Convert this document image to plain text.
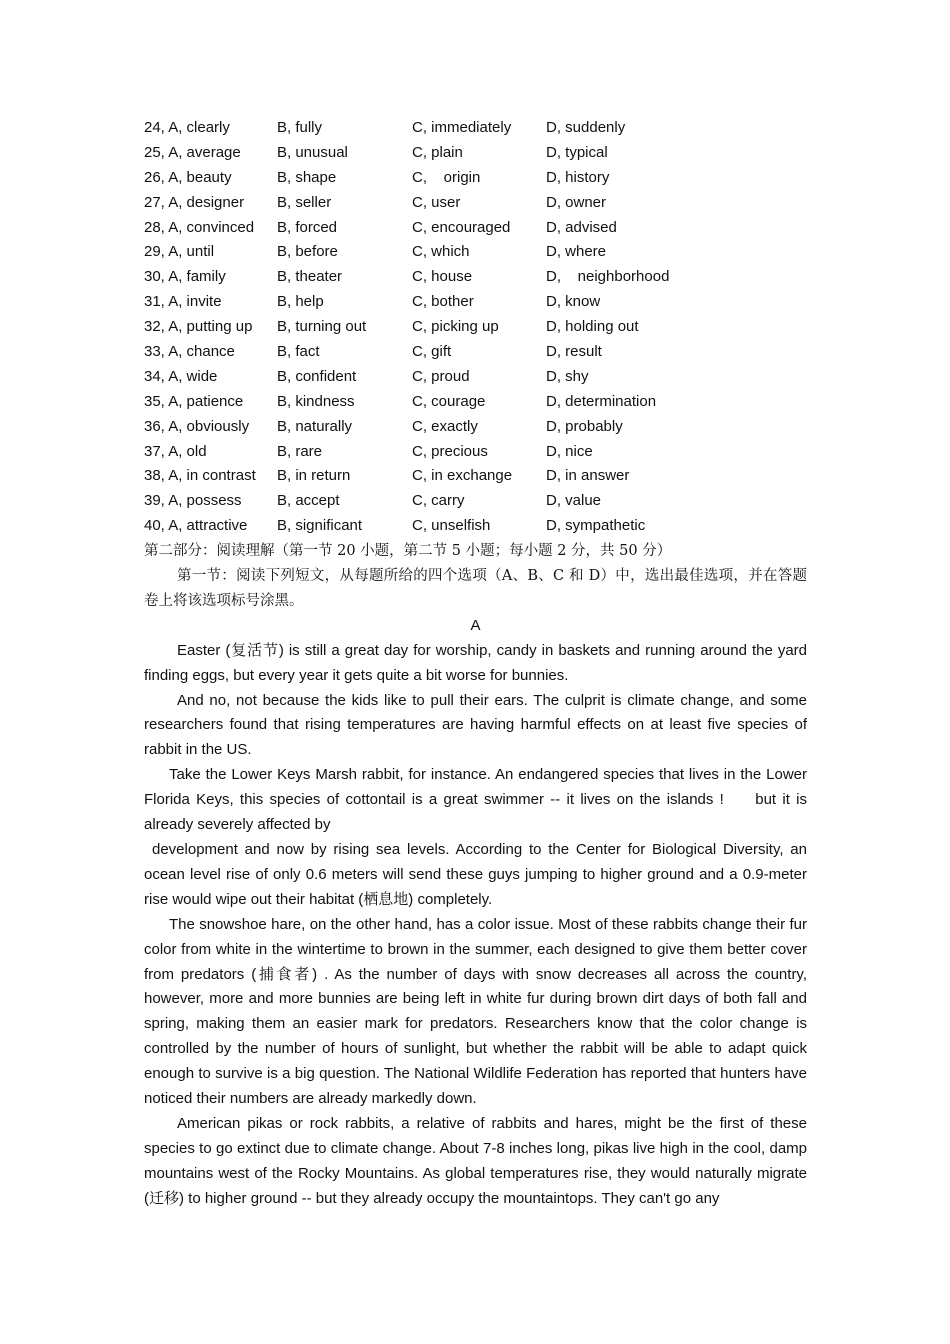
24, A, clearly	B, fully	C, immediately D, suddenly
25, A, average B, unusual	C, plain	D, typical
26, A, beauty	B, shape	C,    origin	D, history
27, A, designer B, seller	C, user	D, owner
28, A, convinced B, forced	C, encouraged D, advised
29, A, until	B, before	C, which	D, where
30, A, family	B, theater	C, house	D,    neighborhood
31, A, invite	B, help	C, bother	D, know
32, A, putting up B, turning out	C, picking up	D, holding out
33, A, chance	B, fact	C, gift	D, result
34, A, wide	B, confident	C, proud	D, shy
35, A, patience B, kindness	C, courage	D, determination
36, A, obviously B, naturally	C, exactly	D, probably
37, A, old	B, rare	C, precious	D, nice
38, A, in contrast B, in return	C, in exchange D, in answer
39, A, possess B, accept	C, carry	D, value
40, A, attractive B, significant	C, unselfish	D, sympathetic

第二部分：阅读理解（第一节 20 小题，第二节 5 小题；每小题 2 分，共 50 分）

第一节：阅读下列短文，从每题所给的四个选项（A、B、C 和 D）中，选出最佳选项，并在答题卷上将该选项标号涂黑。

A

Easter (复活节) is still a great day for worship, candy in baskets and running around the yard finding eggs, but every year it gets quite a bit worse for bunnies.

And no, not because the kids like to pull their ears. The culprit is climate change, and some researchers found that rising temperatures are having harmful effects on at least five species of rabbit in the US.

Take the Lower Keys Marsh rabbit, for instance. An endangered species that lives in the Lower Florida Keys, this species of cottontail is a great swimmer -- it lives on the islands !     but it is already severely affected by

development and now by rising sea levels. According to the Center for Biological Diversity, an ocean level rise of only 0.6 meters will send these guys jumping to higher ground and a 0.9-meter rise would wipe out their habitat (栖息地) completely.

The snowshoe hare, on the other hand, has a color issue. Most of these rabbits change their fur color from white in the wintertime to brown in the summer, each designed to give them better cover from predators (捕食者) . As the number of days with snow decreases all across the country, however, more and more bunnies are being left in white fur during brown dirt days of both fall and spring, making them an easier mark for predators. Researchers know that the color change is controlled by the number of hours of sunlight, but whether the rabbit will be able to adapt quick enough to survive is a big question. The National Wildlife Federation has reported that hunters have noticed their numbers are already markedly down.

American pikas or rock rabbits, a relative of rabbits and hares, might be the first of these species to go extinct due to climate change. About 7-8 inches long, pikas live high in the cool, damp mountains west of the Rocky Mountains. As global temperatures rise, they would naturally migrate (迁移) to higher ground -- but they already occupy the mountaintops. They can't go any
